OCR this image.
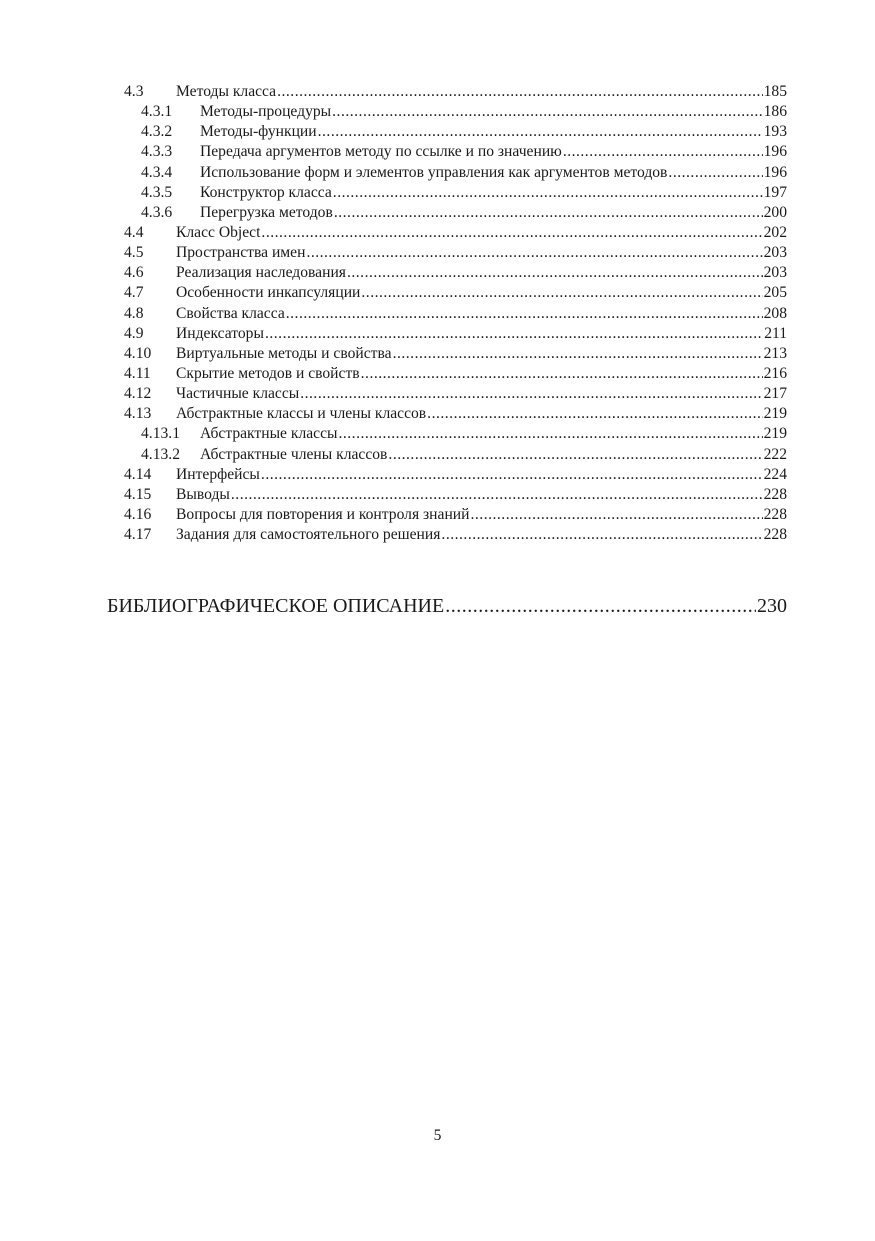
4.3 Методы класса .....	185
4.3.1 Методы-процедуры .....	186
4.3.2 Методы-функции .....	193
4.3.3 Передача аргументов методу по ссылке и по значению .....	196
4.3.4 Использование форм и элементов управления как аргументов методов .....	196
4.3.5 Конструктор класса .....	197
4.3.6 Перегрузка методов .....	200
4.4 Класс Object .....	202
4.5 Пространства имен .....	203
4.6 Реализация наследования .....	203
4.7 Особенности инкапсуляции .....	205
4.8 Свойства класса .....	208
4.9 Индексаторы .....	211
4.10 Виртуальные методы и свойства .....	213
4.11 Скрытие методов и свойств .....	216
4.12 Частичные классы .....	217
4.13 Абстрактные классы и члены классов .....	219
4.13.1 Абстрактные классы .....	219
4.13.2 Абстрактные члены классов .....	222
4.14 Интерфейсы .....	224
4.15 Выводы .....	228
4.16 Вопросы для повторения и контроля знаний .....	228
4.17 Задания для самостоятельного решения .....	228
БИБЛИОГРАФИЧЕСКОЕ ОПИСАНИЕ .....	230
5
